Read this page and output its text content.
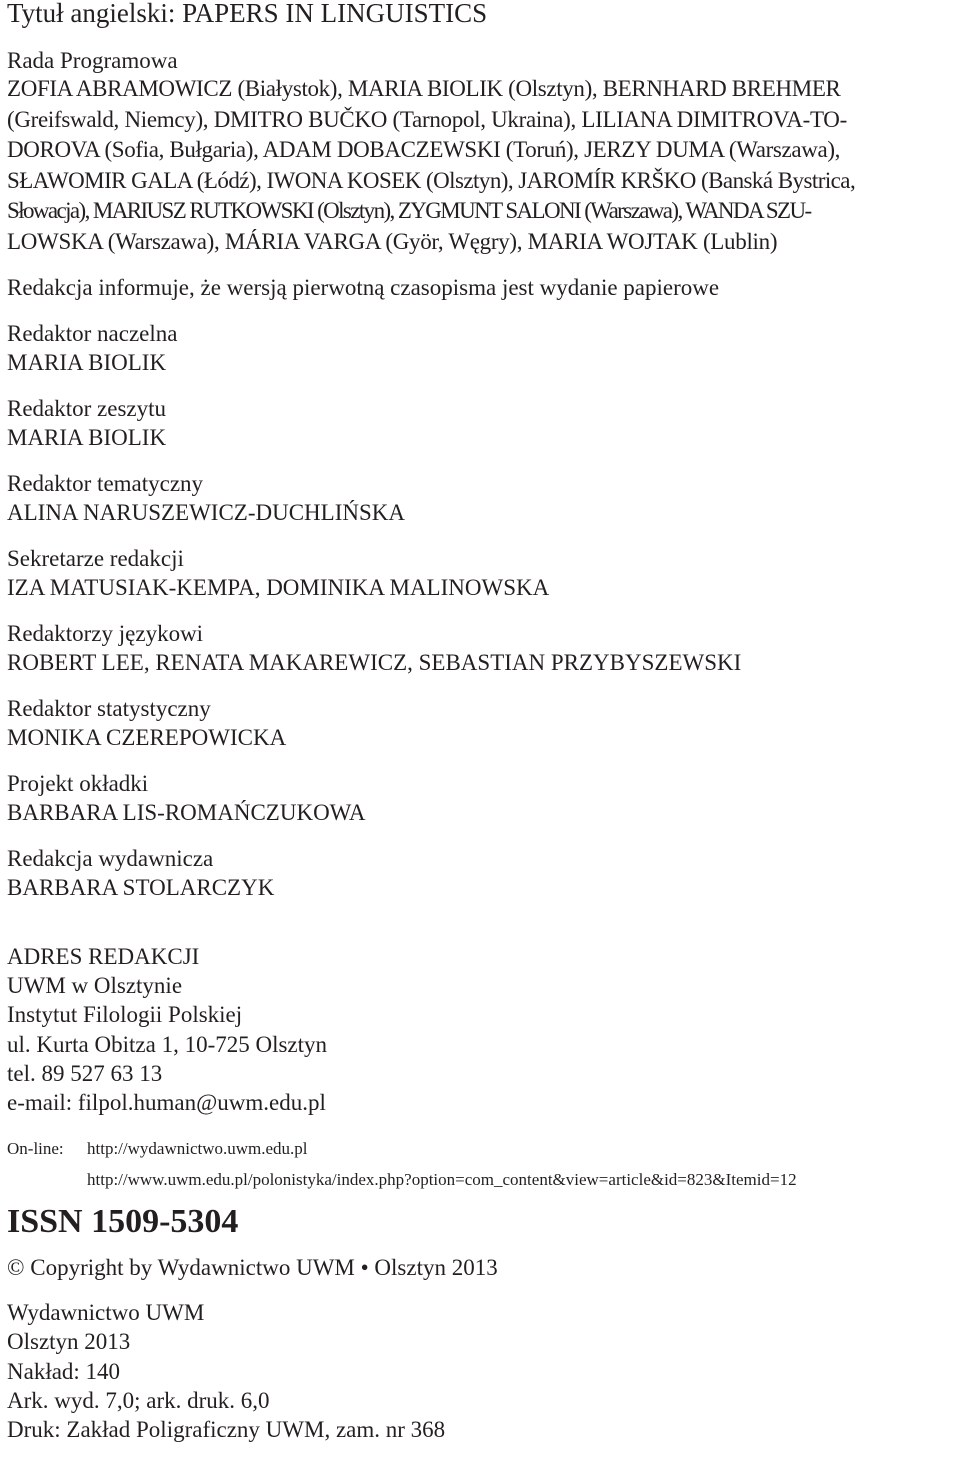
Tytuł angielski: PAPERS IN LINGUISTICS
Rada Programowa
ZOFIA ABRAMOWICZ (Białystok), MARIA BIOLIK (Olsztyn), BERNHARD BREHMER
(Greifswald, Niemcy), DMITRO BUČKO (Tarnopol, Ukraina), LILIANA DIMITROVA-TO-
DOROVA (Sofia, Bułgaria), ADAM DOBACZEWSKI (Toruń), JERZY DUMA (Warszawa),
SŁAWOMIR GALA (Łódź), IWONA KOSEK (Olsztyn), JAROMÍR KRŠKO (Banská Bystrica,
Słowacja), MARIUSZ RUTKOWSKI (Olsztyn), ZYGMUNT SALONI (Warszawa), WANDA SZU-
LOWSKA (Warszawa), MÁRIA VARGA (Györ, Węgry), MARIA WOJTAK (Lublin)
Redakcja informuje, że wersją pierwotną czasopisma jest wydanie papierowe
Redaktor naczelna
MARIA BIOLIK
Redaktor zeszytu
MARIA BIOLIK
Redaktor tematyczny
ALINA NARUSZEWICZ-DUCHLIŃSKA
Sekretarze redakcji
IZA MATUSIAK-KEMPA, DOMINIKA MALINOWSKA
Redaktorzy językowi
ROBERT LEE, RENATA MAKAREWICZ, SEBASTIAN PRZYBYSZEWSKI
Redaktor statystyczny
MONIKA CZEREPOWICKA
Projekt okładki
BARBARA LIS-ROMAŃCZUKOWA
Redakcja wydawnicza
BARBARA STOLARCZYK
ADRES REDAKCJI
UWM w Olsztynie
Instytut Filologii Polskiej
ul. Kurta Obitza 1, 10-725 Olsztyn
tel. 89 527 63 13
e-mail: filpol.human@uwm.edu.pl
On-line: http://wydawnictwo.uwm.edu.pl
http://www.uwm.edu.pl/polonistyka/index.php?option=com_content&view=article&id=823&Itemid=12
ISSN 1509-5304
© Copyright by Wydawnictwo UWM • Olsztyn 2013
Wydawnictwo UWM
Olsztyn 2013
Nakład: 140
Ark. wyd. 7,0; ark. druk. 6,0
Druk: Zakład Poligraficzny UWM, zam. nr 368
